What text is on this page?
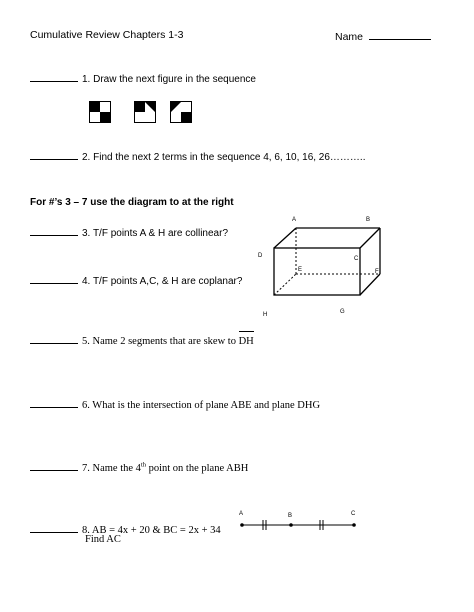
Cumulative Review Chapters 1-3	Name
1. Draw the next figure in the sequence
2. Find the next 2 terms in the sequence 4, 6, 10, 16, 26………..
For #’s 3 – 7 use the diagram to at the right
3. T/F points A & H are collinear?
4. T/F points A,C, & H are coplanar?
A	B
D	C
E	F
G
H
5. Name 2 segments that are skew to DH
6. What is the intersection of plane ABE and plane DHG
7. Name the 4th point on the plane ABH
8. AB = 4x + 20 & BC = 2x + 34
Find AC
A	B	C
